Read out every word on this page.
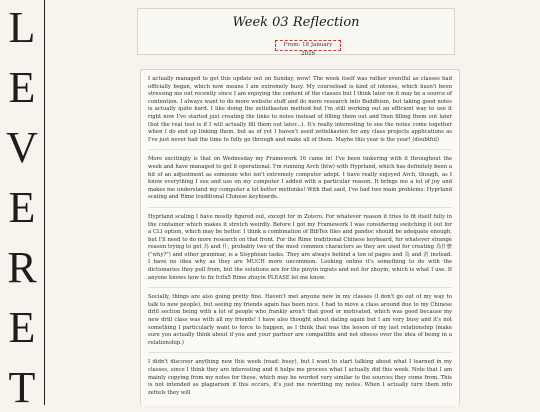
L
E
V
E
R
E
T
Week 03 Reflection
From: 18 January 2026

I actually managed to get this update out on Sunday, wow! The week itself was rather eventful as classes had officially began, which now means I am extremely busy. My courseload is kind of intense, which hasn't been stressing me out recently since I am enjoying the content of the classes but I think later on it may be a source of contention. I always want to do more website stuff and do more research into Buddhism, but taking good notes is actually quite hard. I like doing the zettelkasten method but I'm still working out an efficient way to use it right now I've started just creating the links to notes instead of filling them out and then filling them out later (but the real test is if I will actually fill them out later...). It's really interesting to see the notes come together when I do end up linking them, but as of yet I haven't used zettelkasten for any class projects applications as I've just never had the time to fully go through and make all of them. Maybe this year is the year! (doubtful)

More excitingly is that on Wednesday my Framework 16 came in! I've been tinkering with it throughout the week and have managed to get it operational. I'm running Arch (btw) with Hyprland, which has definitely been a bit of an adjustment as someone who isn't extremely computer adept. I have really enjoyed Arch, though, as I know everything I see and use on my computer I added with a particular reason. It brings me a lot of joy and makes me understand my computer a lot better methinks! With that said, I've had two main problems: Hyprland scaling and Rime traditional Chinese keyboards.

Hyprland scaling I have mostly figured out, except for in Zotero. For whatever reason it tries to fit itself fully in the container which makes it stretch weirdly. Before I got my Framework I was considering switching it out for a CLI option, which may be better. I think a combination of BibTex files and pandoc should be adequate enough, but I'll need to do more research on that front. For the Rime traditional Chinese keyboard, for whatever strange reason trying to get 為 and 什, probably two of the most common characters as they are used for creating 為什麼 ("why?") and other grammar, is a Sisyphean tasks. They are always behind a ton of pages and 為 and 甚 instead. I have no idea why as they are MUCH more uncommon. Looking online it's something to do with the dictionaries they pull from, but the solutions are for the pinyin inputs and not for zhuyin, which is what I use. If anyone knows how to fix fcitx5 Rime zhuyin PLEASE let me know.

Socially, things are also going pretty fine. Haven't met anyone new in my classes (I don't go out of my way to talk to new people), but seeing my friends again has been nice. I had to move a class around due to my Chinese drill section being with a lot of people who frankly aren't that good or motivated, which was good because my new drill class was with all my friends! I have also thought about dating again but I am very busy and it's not something I particularly want to force to happen, as I think that was the lesson of my last relationship (make sure you actually think about if you and your partner are compatible and not obsess over the idea of being in a relationship.)

I didn't discover anything new this week (read: busy), but I want to start talking about what I learned in my classes, since I think they are interesting and it helps me process what I actually did this week. Note that I am mainly copying from my notes for these, which may be worded very similar to the sources they come from. This is not intended as plagiarism if this occurs, it's just me rewriting my notes. When I actually turn them into zettels they will
